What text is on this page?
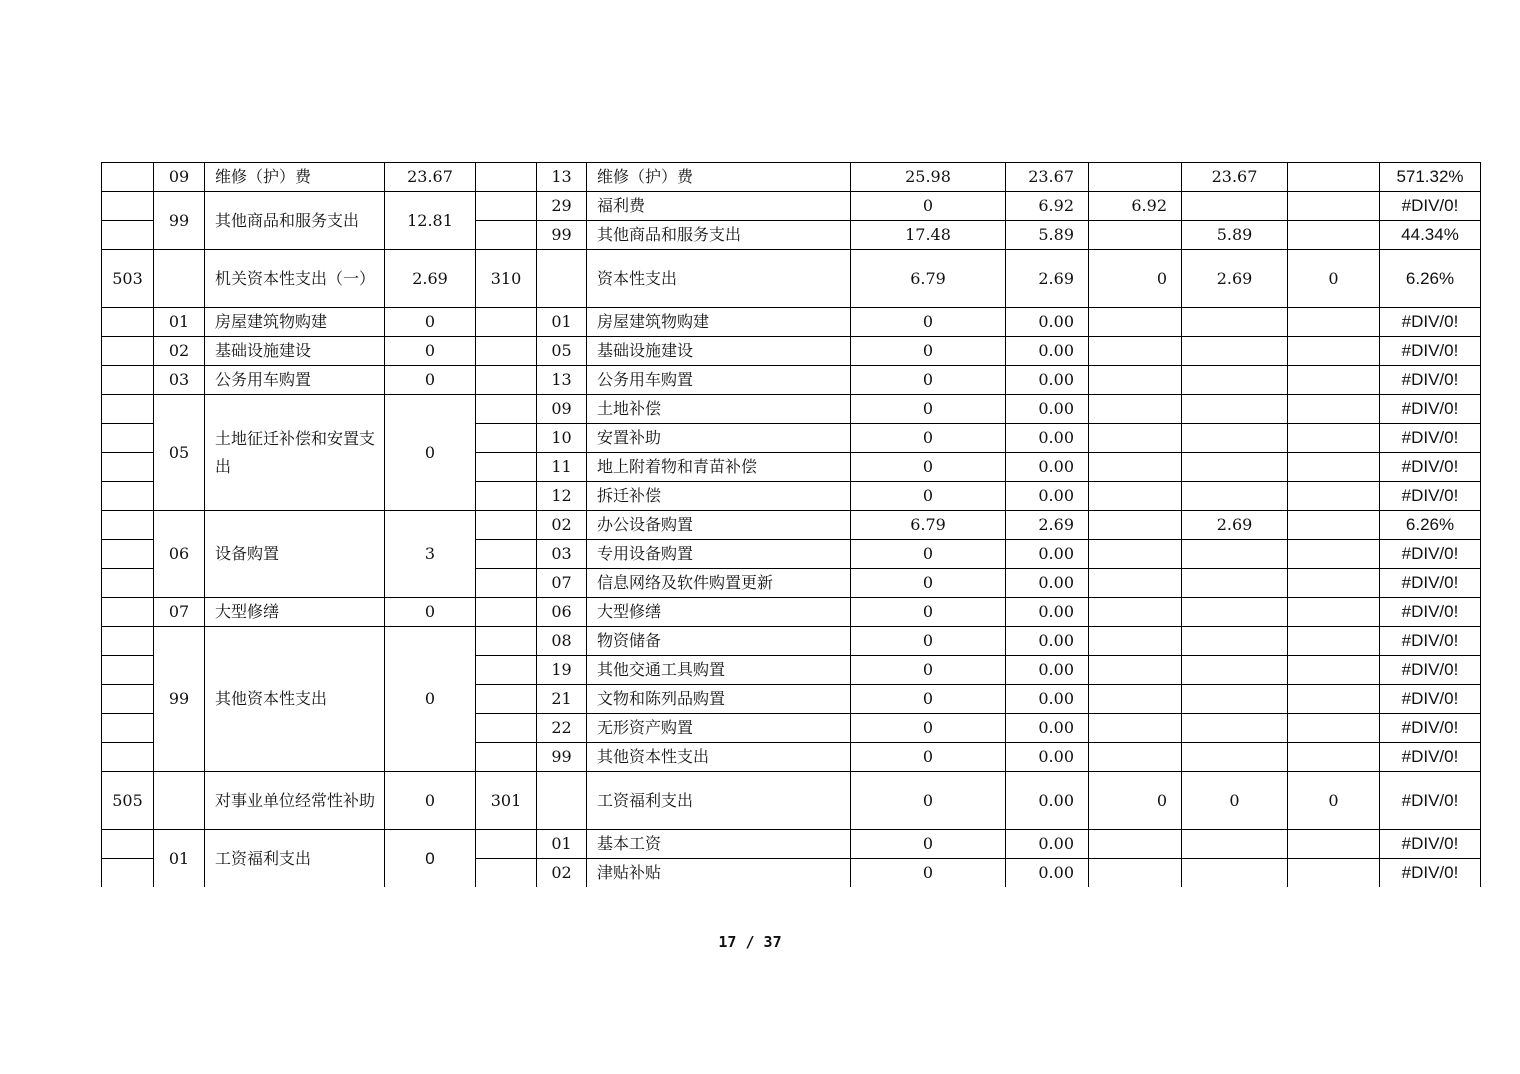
	09	维修（护）费	23.67		13	维修（护）费	25.98	23.67		23.67		571.32%
	99	其他商品和服务支出	12.81		29	福利费	0	6.92	6.92			#DIV/0!
					99	其他商品和服务支出	17.48	5.89		5.89		44.34%
503		机关资本性支出（一）	2.69	310		资本性支出	6.79	2.69	0	2.69	0	6.26%
	01	房屋建筑物购建	0		01	房屋建筑物购建	0	0.00				#DIV/0!
	02	基础设施建设	0		05	基础设施建设	0	0.00				#DIV/0!
	03	公务用车购置	0		13	公务用车购置	0	0.00				#DIV/0!
	05	土地征迁补偿和安置支出	0		09	土地补偿	0	0.00				#DIV/0!
					10	安置补助	0	0.00				#DIV/0!
					11	地上附着物和青苗补偿	0	0.00				#DIV/0!
					12	拆迁补偿	0	0.00				#DIV/0!
	06	设备购置	3		02	办公设备购置	6.79	2.69		2.69		6.26%
					03	专用设备购置	0	0.00				#DIV/0!
					07	信息网络及软件购置更新	0	0.00				#DIV/0!
	07	大型修缮	0		06	大型修缮	0	0.00				#DIV/0!
	99	其他资本性支出	0		08	物资储备	0	0.00				#DIV/0!
					19	其他交通工具购置	0	0.00				#DIV/0!
					21	文物和陈列品购置	0	0.00				#DIV/0!
					22	无形资产购置	0	0.00				#DIV/0!
					99	其他资本性支出	0	0.00				#DIV/0!
505		对事业单位经常性补助	0	301		工资福利支出	0	0.00	0	0	0	#DIV/0!
	01	工资福利支出	0		01	基本工资	0	0.00				#DIV/0!
					02	津贴补贴	0	0.00				#DIV/0!
17 / 37
